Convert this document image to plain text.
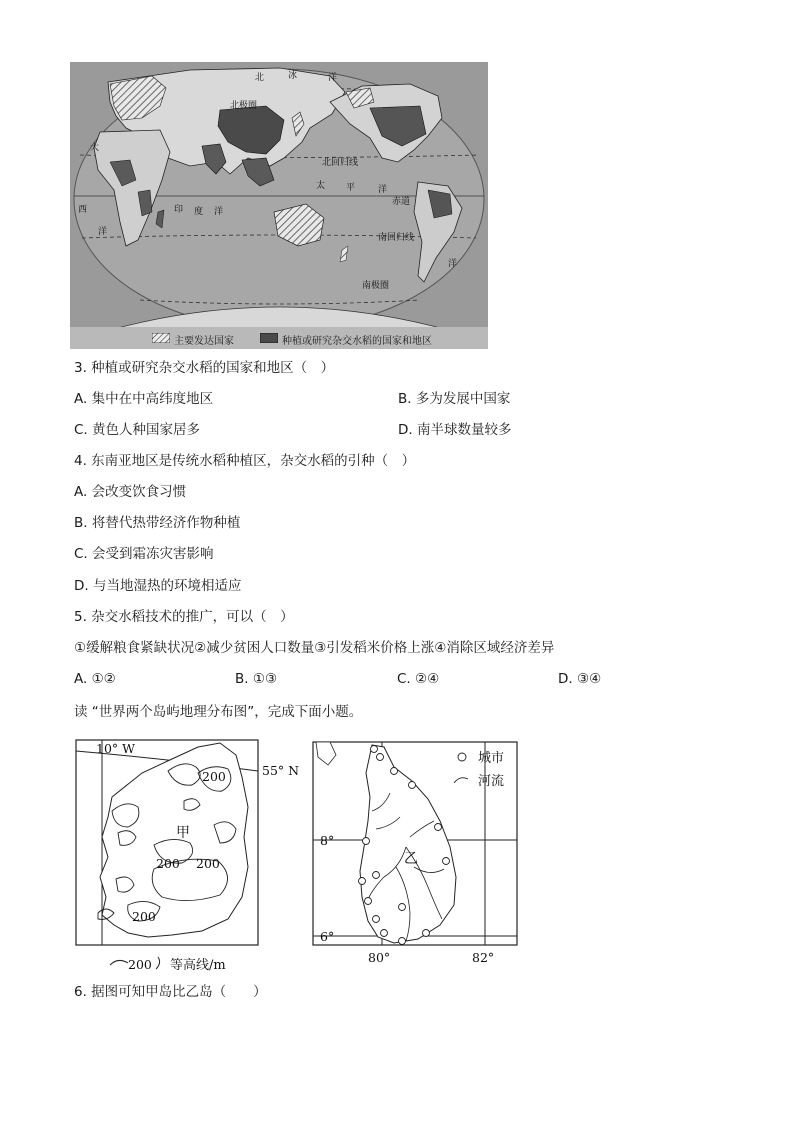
北	冰	洋
北极圈
大
北回归线
太 平	洋
赤道
西	印 度 洋
南回归线
洋
洋
南极圈
主要发达国家	种植或研究杂交水稻的国家和地区
3. 种植或研究杂交水稻的国家和地区（　）
A. 集中在中高纬度地区	B. 多为发展中国家
C. 黄色人种国家居多	D. 南半球数量较多
4. 东南亚地区是传统水稻种植区，杂交水稻的引种（　）
A. 会改变饮食习惯
B. 将替代热带经济作物种植
C. 会受到霜冻灾害影响
D. 与当地湿热的环境相适应
5. 杂交水稻技术的推广，可以（　）
①缓解粮食紧缺状况②减少贫困人口数量③引发稻米价格上涨④消除区域经济差异
A. ①②	B. ①③	C. ②④	D. ③④
读 “世界两个岛屿地理分布图”，完成下面小题。
10° W
55° N
甲
200
200 200
200
200 等高线/m
城市
河流
乙
8°
6°
80°	82°
6. 据图可知甲岛比乙岛（　　）
